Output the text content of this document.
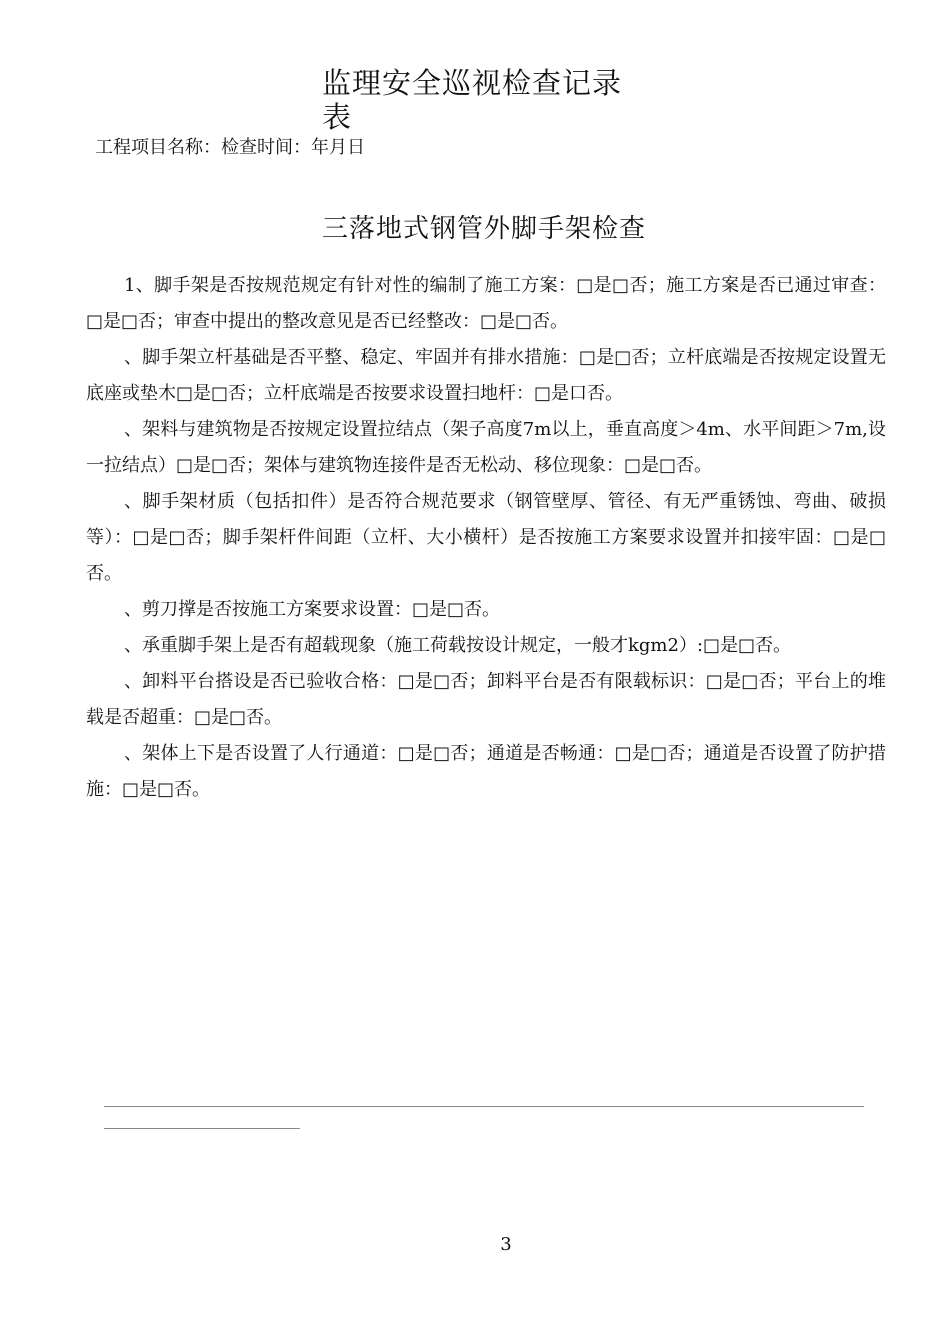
监理安全巡视检查记录表
工程项目名称：检查时间：年月日
三落地式钢管外脚手架检查

1、脚手架是否按规范规定有针对性的编制了施工方案：□是□否；施工方案是否已通过审查：□是□否；审查中提出的整改意见是否已经整改：□是□否。

、脚手架立杆基础是否平整、稳定、牢固并有排水措施：□是□否；立杆底端是否按规定设置无底座或垫木□是□否；立杆底端是否按要求设置扫地杆：□是口否。

、架料与建筑物是否按规定设置拉结点（架子高度7m以上，垂直高度＞4m、水平间距＞7m,设一拉结点）□是□否；架体与建筑物连接件是否无松动、移位现象：□是□否。

、脚手架材质（包括扣件）是否符合规范要求（钢管壁厚、管径、有无严重锈蚀、弯曲、破损等）：□是□否；脚手架杆件间距（立杆、大小横杆）是否按施工方案要求设置并扣接牢固：□是□否。

、剪刀撑是否按施工方案要求设置：□是□否。

、承重脚手架上是否有超载现象（施工荷载按设计规定，一般才kgm2）:□是□否。

、卸料平台搭设是否已验收合格：□是□否；卸料平台是否有限载标识：□是□否；平台上的堆载是否超重：□是□否。

、架体上下是否设置了人行通道：□是□否；通道是否畅通：□是□否；通道是否设置了防护措施：□是□否。

3
